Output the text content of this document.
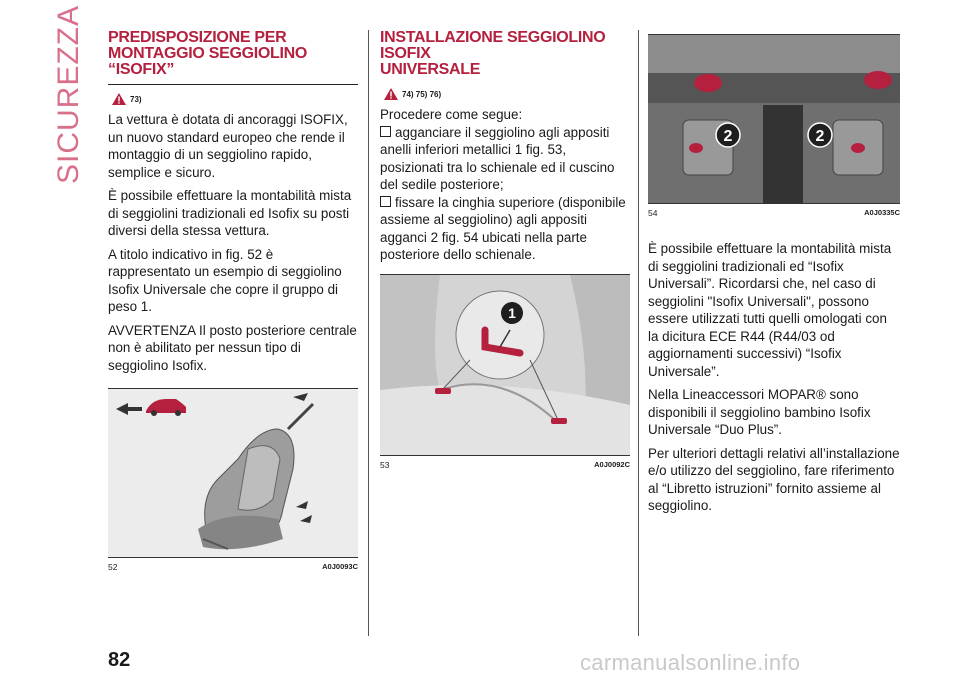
SICUREZZA PREDISPOSIZIONE PER
MONTAGGIO SEGGIOLINO
“ISOFIX”
73)

La vettura è dotata di ancoraggi ISOFIX, un nuovo standard europeo che rende il montaggio di un seggiolino rapido, semplice e sicuro.

È possibile effettuare la montabilità mista di seggiolini tradizionali ed Isofix su posti diversi della stessa vettura.

A titolo indicativo in fig. 52 è rappresentato un esempio di seggiolino Isofix Universale che copre il gruppo di peso 1.

AVVERTENZA Il posto posteriore centrale non è abilitato per nessun tipo di seggiolino Isofix.

52	A0J0093C
INSTALLAZIONE SEGGIOLINO ISOFIX
UNIVERSALE
74) 75) 76)

Procedere come segue:

agganciare il seggiolino agli appositi anelli inferiori metallici 1 fig. 53, posizionati tra lo schienale ed il cuscino del sedile posteriore;
fissare la cinghia superiore (disponibile assieme al seggiolino) agli appositi agganci 2 fig. 54 ubicati nella parte posteriore dello schienale.
1
53	A0J0092C
2	2
54	A0J0335C

È possibile effettuare la montabilità mista di seggiolini tradizionali ed “Isofix Universali”. Ricordarsi che, nel caso di seggiolini "Isofix Universali", possono essere utilizzati tutti quelli omologati con la dicitura ECE R44 (R44/03 od aggiornamenti successivi) “Isofix Universale”.

Nella Lineaccessori MOPAR® sono disponibili il seggiolino bambino Isofix Universale “Duo Plus”.

Per ulteriori dettagli relativi all’installazione e/o utilizzo del seggiolino, fare riferimento al “Libretto istruzioni” fornito assieme al seggiolino.

82	carmanualsonline.info
